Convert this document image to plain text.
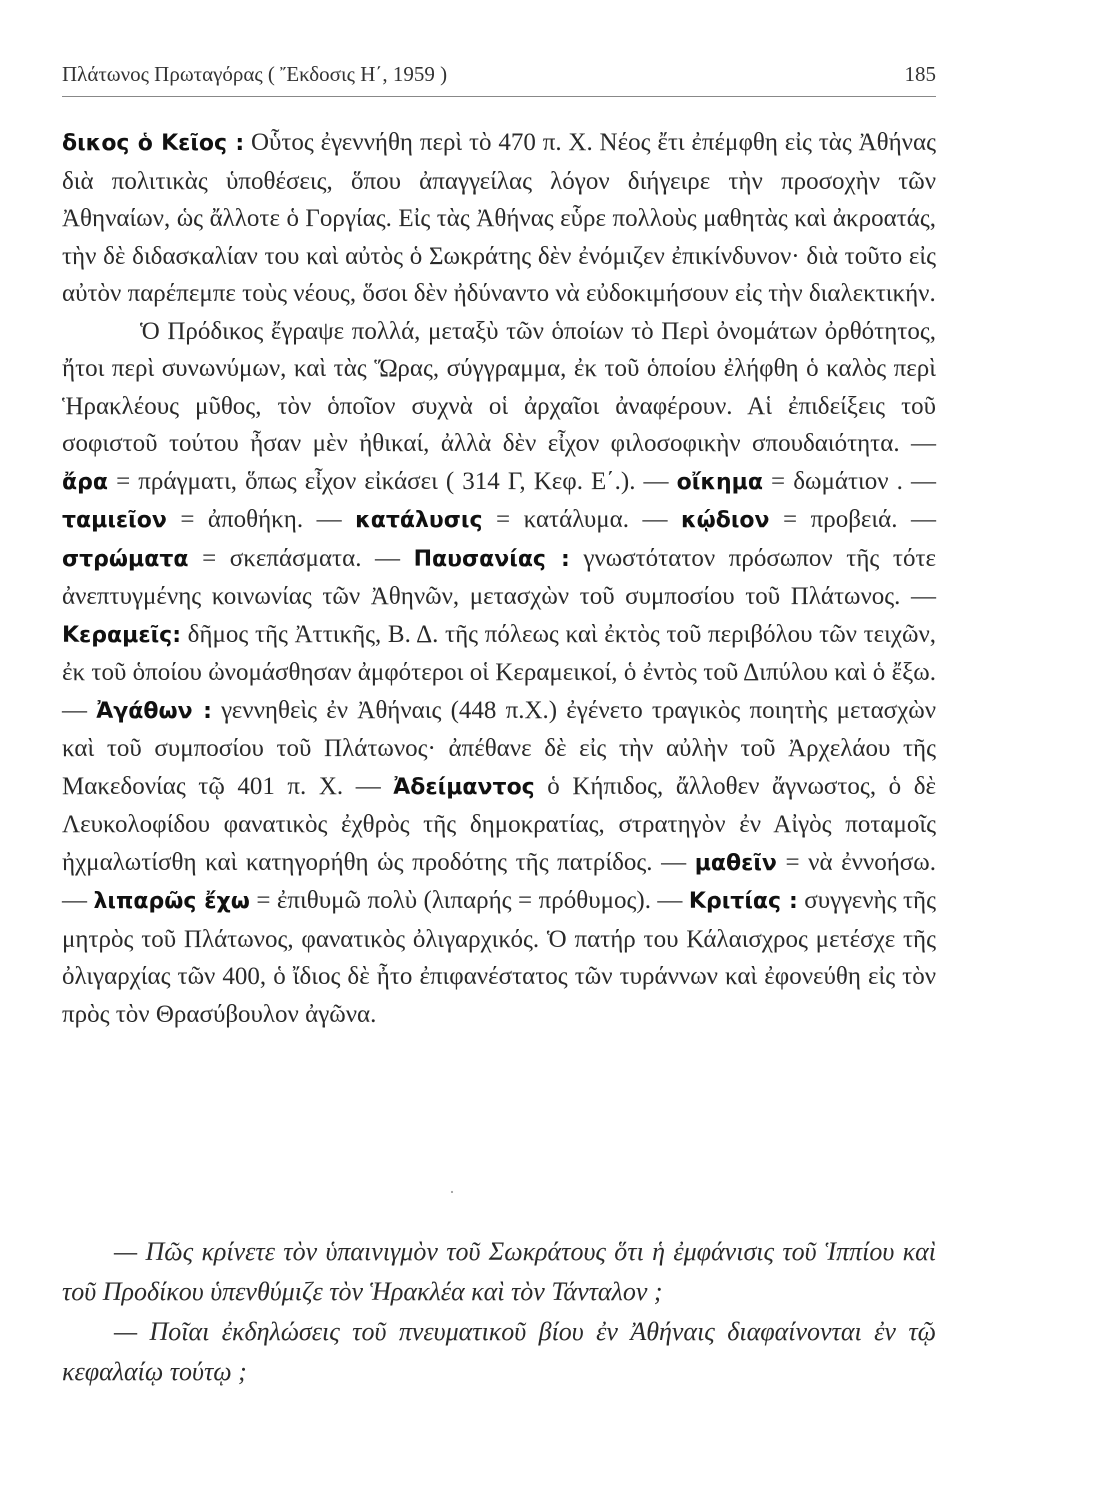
Πλάτωνος Πρωταγόρας ( Ἔκδοσις Η΄, 1959 )	185

δικος ὁ Κεῖος : Οὗτος ἐγεννήθη περὶ τὸ 470 π. Χ. Νέος ἔτι ἐπέμφθη εἰς τὰς Ἀθήνας διὰ πολιτικὰς ὑποθέσεις, ὅπου ἀπαγγείλας λόγον διήγειρε τὴν προσοχὴν τῶν Ἀθηναίων, ὡς ἄλλοτε ὁ Γοργίας. Εἰς τὰς Ἀθήνας εὗρε πολλοὺς μαθητὰς καὶ ἀκροατάς, τὴν δὲ διδασκαλίαν του καὶ αὐτὸς ὁ Σωκράτης δὲν ἐνόμιζεν ἐπικίνδυνον· διὰ τοῦτο εἰς αὐτὸν παρέπεμπε τοὺς νέους, ὅσοι δὲν ἠδύναντο νὰ εὐδοκιμήσουν εἰς τὴν διαλεκτικήν.

Ὁ Πρόδικος ἔγραψε πολλά, μεταξὺ τῶν ὁποίων τὸ Περὶ ὀνομάτων ὀρθότητος, ἤτοι περὶ συνωνύμων, καὶ τὰς Ὥρας, σύγγραμμα, ἐκ τοῦ ὁποίου ἐλήφθη ὁ καλὸς περὶ Ἡρακλέους μῦθος, τὸν ὁποῖον συχνὰ οἱ ἀρχαῖοι ἀναφέρουν. Αἱ ἐπιδείξεις τοῦ σοφιστοῦ τούτου ἦσαν μὲν ἠθικαί, ἀλλὰ δὲν εἶχον φιλοσοφικὴν σπουδαιότητα. — ἄρα = πράγματι, ὅπως εἶχον εἰκάσει ( 314 Γ, Κεφ. Ε΄.). — οἴκημα = δωμάτιον . — ταμιεῖον = ἀποθήκη. — κατάλυσις = κατάλυμα. — κῴδιον = προβειά. — στρώματα = σκεπάσματα. — Παυσανίας : γνωστότατον πρόσωπον τῆς τότε ἀνεπτυγμένης κοινωνίας τῶν Ἀθηνῶν, μετασχὼν τοῦ συμποσίου τοῦ Πλάτωνος. — Κεραμεῖς: δῆμος τῆς Ἀττικῆς, Β. Δ. τῆς πόλεως καὶ ἐκτὸς τοῦ περιβόλου τῶν τειχῶν, ἐκ τοῦ ὁποίου ὠνομάσθησαν ἀμφότεροι οἱ Κεραμεικοί, ὁ ἐντὸς τοῦ Διπύλου καὶ ὁ ἔξω. — Ἀγάθων : γεννηθεὶς ἐν Ἀθήναις (448 π.Χ.) ἐγένετο τραγικὸς ποιητὴς μετασχὼν καὶ τοῦ συμποσίου τοῦ Πλάτωνος· ἀπέθανε δὲ εἰς τὴν αὐλὴν τοῦ Ἀρχελάου τῆς Μακεδονίας τῷ 401 π. Χ. — Ἀδείμαντος ὁ Κήπιδος, ἄλλοθεν ἄγνωστος, ὁ δὲ Λευκολοφίδου φανατικὸς ἐχθρὸς τῆς δημοκρατίας, στρατηγὸν ἐν Αἰγὸς ποταμοῖς ἠχμαλωτίσθη καὶ κατηγορήθη ὡς προδότης τῆς πατρίδος. — μαθεῖν = νὰ ἐννοήσω. — λιπαρῶς ἔχω = ἐπιθυμῶ πολὺ (λιπαρής = πρόθυμος). — Κριτίας : συγγενὴς τῆς μητρὸς τοῦ Πλάτωνος, φανατικὸς ὀλιγαρχικός. Ὁ πατήρ του Κάλαισχρος μετέσχε τῆς ὀλιγαρχίας τῶν 400, ὁ ἴδιος δὲ ἦτο ἐπιφανέστατος τῶν τυράννων καὶ ἐφονεύθη εἰς τὸν πρὸς τὸν Θρασύβουλον ἀγῶνα.

·

— Πῶς κρίνετε τὸν ὑπαινιγμὸν τοῦ Σωκράτους ὅτι ἡ ἐμφάνισις τοῦ Ἱππίου καὶ τοῦ Προδίκου ὑπενθύμιζε τὸν Ἡρακλέα καὶ τὸν Τάνταλον ;

— Ποῖαι ἐκδηλώσεις τοῦ πνευματικοῦ βίου ἐν Ἀθήναις διαφαίνονται ἐν τῷ κεφαλαίῳ τούτῳ ;
